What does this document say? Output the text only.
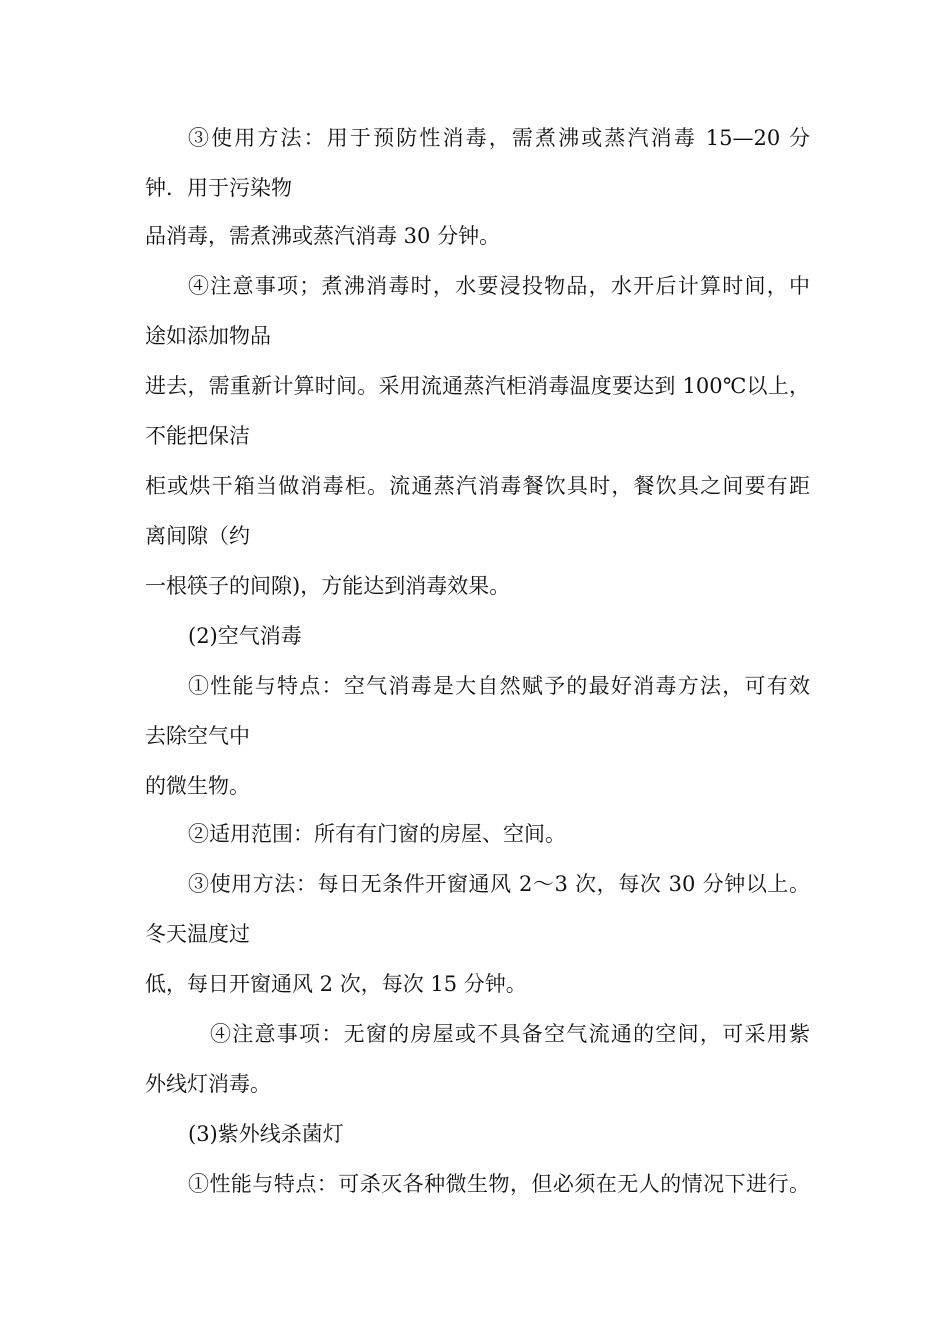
③使用方法：用于预防性消毒，需煮沸或蒸汽消毒 15—20 分
钟．用于污染物
品消毒，需煮沸或蒸汽消毒 30 分钟。
④注意事项；煮沸消毒时，水要浸投物品，水开后计算时间，中
途如添加物品
进去，需重新计算时间。采用流通蒸汽柜消毒温度要达到 100℃以上，
不能把保洁
柜或烘干箱当做消毒柜。流通蒸汽消毒餐饮具时，餐饮具之间要有距
离间隙（约
一根筷子的间隙)，方能达到消毒效果。
(2)空气消毒
①性能与特点：空气消毒是大自然赋予的最好消毒方法，可有效
去除空气中
的微生物。
②适用范围：所有有门窗的房屋、空间。
③使用方法：每日无条件开窗通风 2～3 次，每次 30 分钟以上。
冬天温度过
低，每日开窗通风 2 次，每次 15 分钟。
④注意事项：无窗的房屋或不具备空气流通的空间，可采用紫
外线灯消毒。
(3)紫外线杀菌灯
①性能与特点：可杀灭各种微生物，但必须在无人的情况下进行。
